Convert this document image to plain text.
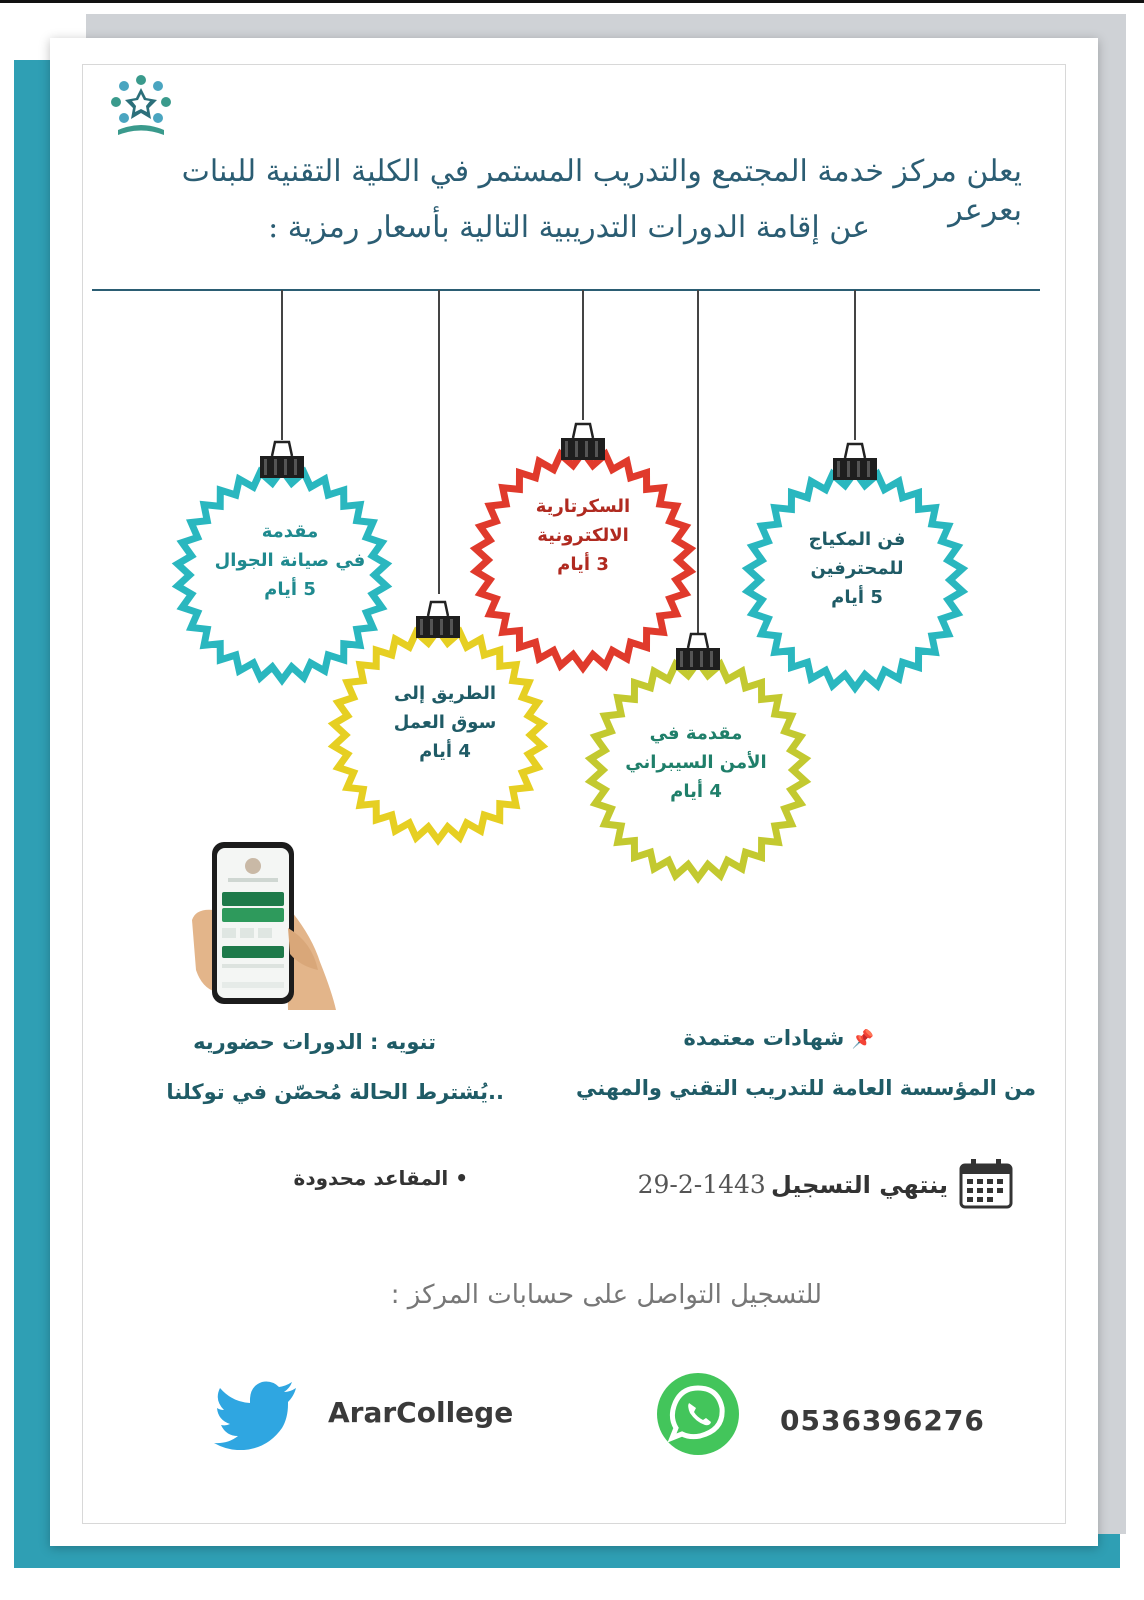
يعلن مركز خدمة المجتمع والتدريب المستمر في الكلية التقنية للبنات بعرعر
عن إقامة الدورات التدريبية التالية بأسعار رمزية :
مقدمة
في صيانة الجوال
5 أيام
الطريق إلى
سوق العمل
4 أيام
السكرتارية
الالكترونية
3 أيام
مقدمة في
الأمن السيبراني
4 أيام
فن المكياج
للمحترفين
5 أيام
📌 شهادات معتمدة
من المؤسسة العامة للتدريب التقني والمهني
تنويه : الدورات حضوريه
..يُشترط الحالة مُحصّن في توكلنا
ينتهي التسجيل 29-2-1443
• المقاعد محدودة
للتسجيل التواصل على حسابات المركز :
ArarCollege	0536396276
